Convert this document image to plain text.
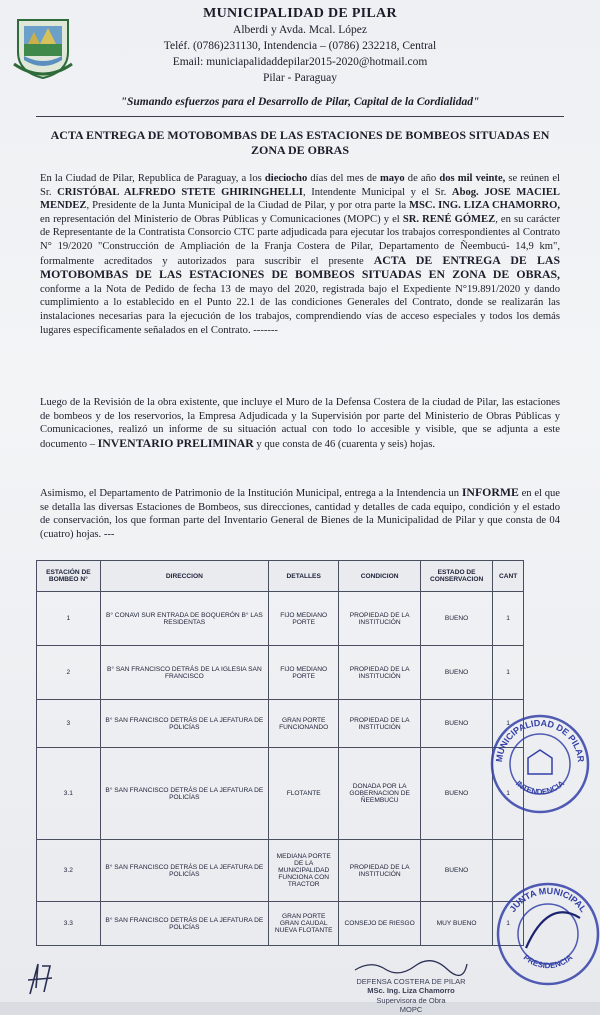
MUNICIPALIDAD DE PILAR
Alberdi y Avda. Mcal. López
Teléf. (0786)231130, Intendencia – (0786) 232218, Central
Email: municiapalidaddepilar2015-2020@hotmail.com
Pilar - Paraguay
"Sumando esfuerzos para el Desarrollo de Pilar, Capital de la Cordialidad"
ACTA ENTREGA DE MOTOBOMBAS DE LAS ESTACIONES DE BOMBEOS SITUADAS EN ZONA DE OBRAS
En la Ciudad de Pilar, Republica de Paraguay, a los dieciocho días del mes de mayo de año dos mil veinte, se reúnen el Sr. CRISTÓBAL ALFREDO STETE GHIRINGHELLI, Intendente Municipal y el Sr. Abog. JOSE MACIEL MENDEZ, Presidente de la Junta Municipal de la Ciudad de Pilar, y por otra parte la MSC. ING. LIZA CHAMORRO, en representación del Ministerio de Obras Públicas y Comunicaciones (MOPC) y el SR. RENÉ GÓMEZ, en su carácter de Representante de la Contratista Consorcio CTC parte adjudicada para ejecutar los trabajos correspondientes al Contrato N° 19/2020 "Construcción de Ampliación de la Franja Costera de Pilar, Departamento de Ñeembucú- 14,9 km", formalmente acreditados y autorizados para suscribir el presente ACTA DE ENTREGA DE LAS MOTOBOMBAS DE LAS ESTACIONES DE BOMBEOS SITUADAS EN ZONA DE OBRAS, conforme a la Nota de Pedido de fecha 13 de mayo del 2020, registrada bajo el Expediente N°19.891/2020 y dando cumplimiento a lo establecido en el Punto 22.1 de las condiciones Generales del Contrato, donde se realizarán las instalaciones necesarias para la ejecución de los trabajos, comprendiendo vías de acceso especiales y todos los demás lugares específicamente señalados en el Contrato. -------
Luego de la Revisión de la obra existente, que incluye el Muro de la Defensa Costera de la ciudad de Pilar, las estaciones de bombeos y de los reservorios, la Empresa Adjudicada y la Supervisión por parte del Ministerio de Obras Públicas y Comunicaciones, realizó un informe de su situación actual con todo lo accesible y visible, que se adjunta a este documento – INVENTARIO PRELIMINAR y que consta de 46 (cuarenta y seis) hojas.
Asimismo, el Departamento de Patrimonio de la Institución Municipal, entrega a la Intendencia un INFORME en el que se detalla las diversas Estaciones de Bombeos, sus direcciones, cantidad y detalles de cada equipo, condición y el estado de conservación, los que forman parte del Inventario General de Bienes de la Municipalidad de Pilar y que consta de 04 (cuatro) hojas. ---
ESTACIÓN DE BOMBEO N°	DIRECCION	DETALLES	CONDICION	ESTADO DE CONSERVACION	CANT
1	B° CONAVI SUR ENTRADA DE BOQUERÓN B° LAS RESIDENTAS	FIJO MEDIANO PORTE	PROPIEDAD DE LA INSTITUCIÓN	BUENO	1
2	B° SAN FRANCISCO DETRÁS DE LA IGLESIA SAN FRANCISCO	FIJO MEDIANO PORTE	PROPIEDAD DE LA INSTITUCIÓN	BUENO	1
3	B° SAN FRANCISCO DETRÁS DE LA JEFATURA DE POLICÍAS	GRAN PORTE FUNCIONANDO	PROPIEDAD DE LA INSTITUCIÓN	BUENO	1
3.1	B° SAN FRANCISCO DETRÁS DE LA JEFATURA DE POLICÍAS	FLOTANTE	DONADA POR LA GOBERNACION DE ÑEEMBUCU	BUENO	1
3.2	B° SAN FRANCISCO DETRÁS DE LA JEFATURA DE POLICÍAS	MEDIANA PORTE DE LA MUNICIPALIDAD FUNCIONA CON TRACTOR	PROPIEDAD DE LA INSTITUCIÓN	BUENO	
3.3	B° SAN FRANCISCO DETRÁS DE LA JEFATURA DE POLICÍAS	GRAN PORTE GRAN CAUDAL NUEVA FLOTANTE	CONSEJO DE RIESGO	MUY BUENO	1
MUNICIPALIDAD DE PILAR
INTENDENCIA
JUNTA MUNICIPAL
PRESIDENCIA
DEFENSA COSTERA DE PILAR
MSc. Ing. Liza Chamorro
Supervisora de Obra
MOPC
